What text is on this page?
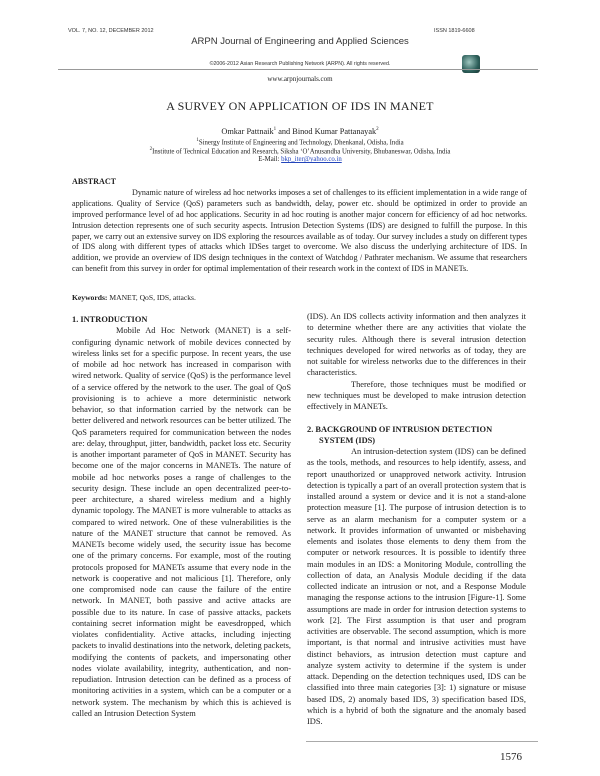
VOL. 7, NO. 12, DECEMBER 2012	ISSN 1819-6608
ARPN Journal of Engineering and Applied Sciences
©2006-2012 Asian Research Publishing Network (ARPN). All rights reserved.
www.arpnjournals.com
A SURVEY ON APPLICATION OF IDS IN MANET
Omkar Pattnaik$^1$ and Binod Kumar Pattanayak$^2$
$^1$Sinergy Institute of Engineering and Technology, Dhenkanal, Odisha, India
$^2$Institute of Technical Education and Research, Siksha ‘O’Anusandha University, Bhubaneswar, Odisha, India
E-Mail: bkp_iter@yahoo.co.in
ABSTRACT

Dynamic nature of wireless ad hoc networks imposes a set of challenges to its efficient implementation in a wide range of applications. Quality of Service (QoS) parameters such as bandwidth, delay, power etc. should be optimized in order to provide an improved performance level of ad hoc applications. Security in ad hoc routing is another major concern for efficiency of ad hoc networks. Intrusion detection represents one of such security aspects. Intrusion Detection Systems (IDS) are designed to fulfill the purpose. In this paper, we carry out an extensive survey on IDS exploring the resources available as of today. Our survey includes a study on different types of IDS along with different types of attacks which IDSes target to overcome. We also discuss the underlying architecture of IDS. In addition, we provide an overview of IDS design techniques in the context of Watchdog / Pathrater mechanism. We assume that researchers can benefit from this survey in order for optimal implementation of their research work in the context of IDS in MANETs.

Keywords: MANET, QoS, IDS, attacks.
1. INTRODUCTION

Mobile Ad Hoc Network (MANET) is a self-configuring dynamic network of mobile devices connected by wireless links set for a specific purpose. In recent years, the use of mobile ad hoc network has increased in comparison with wired network. Quality of service (QoS) is the performance level of a service offered by the network to the user. The goal of QoS provisioning is to achieve a more deterministic network behavior, so that information carried by the network can be better delivered and network resources can be better utilized. The QoS parameters required for communication between the nodes are: delay, throughput, jitter, bandwidth, packet loss etc. Security is another important parameter of QoS in MANET. Security has become one of the major concerns in MANETs. The nature of mobile ad hoc networks poses a range of challenges to the security design. These include an open decentralized peer-to-peer architecture, a shared wireless medium and a highly dynamic topology. The MANET is more vulnerable to attacks as compared to wired network. One of these vulnerabilities is the nature of the MANET structure that cannot be removed. As MANETs become widely used, the security issue has become one of the primary concerns. For example, most of the routing protocols proposed for MANETs assume that every node in the network is cooperative and not malicious [1]. Therefore, only one compromised node can cause the failure of the entire network. In MANET, both passive and active attacks are possible due to its nature. In case of passive attacks, packets containing secret information might be eavesdropped, which violates confidentiality. Active attacks, including injecting packets to invalid destinations into the network, deleting packets, modifying the contents of packets, and impersonating other nodes violate availability, integrity, authentication, and non-repudiation. Intrusion detection can be defined as a process of monitoring activities in a system, which can be a computer or a network system. The mechanism by which this is achieved is called an Intrusion Detection System

(IDS). An IDS collects activity information and then analyzes it to determine whether there are any activities that violate the security rules. Although there is several intrusion detection techniques developed for wired networks as of today, they are not suitable for wireless networks due to the differences in their characteristics.

Therefore, those techniques must be modified or new techniques must be developed to make intrusion detection effectively in MANETs.

2. BACKGROUND OF INTRUSION DETECTION
SYSTEM (IDS)

An intrusion-detection system (IDS) can be defined as the tools, methods, and resources to help identify, assess, and report unauthorized or unapproved network activity. Intrusion detection is typically a part of an overall protection system that is installed around a system or device and it is not a stand-alone protection measure [1]. The purpose of intrusion detection is to serve as an alarm mechanism for a computer system or a network. It provides information of unwanted or misbehaving elements and isolates those elements to deny them from the computer or network resources. It is possible to identify three main modules in an IDS: a Monitoring Module, controlling the collection of data, an Analysis Module deciding if the data collected indicate an intrusion or not, and a Response Module managing the response actions to the intrusion [Figure-1]. Some assumptions are made in order for intrusion detection systems to work [2]. The First assumption is that user and program activities are observable. The second assumption, which is more important, is that normal and intrusive activities must have distinct behaviors, as intrusion detection must capture and analyze system activity to determine if the system is under attack. Depending on the detection techniques used, IDS can be classified into three main categories [3]: 1) signature or misuse based IDS, 2) anomaly based IDS, 3) specification based IDS, which is a hybrid of both the signature and the anomaly based IDS.

1576
